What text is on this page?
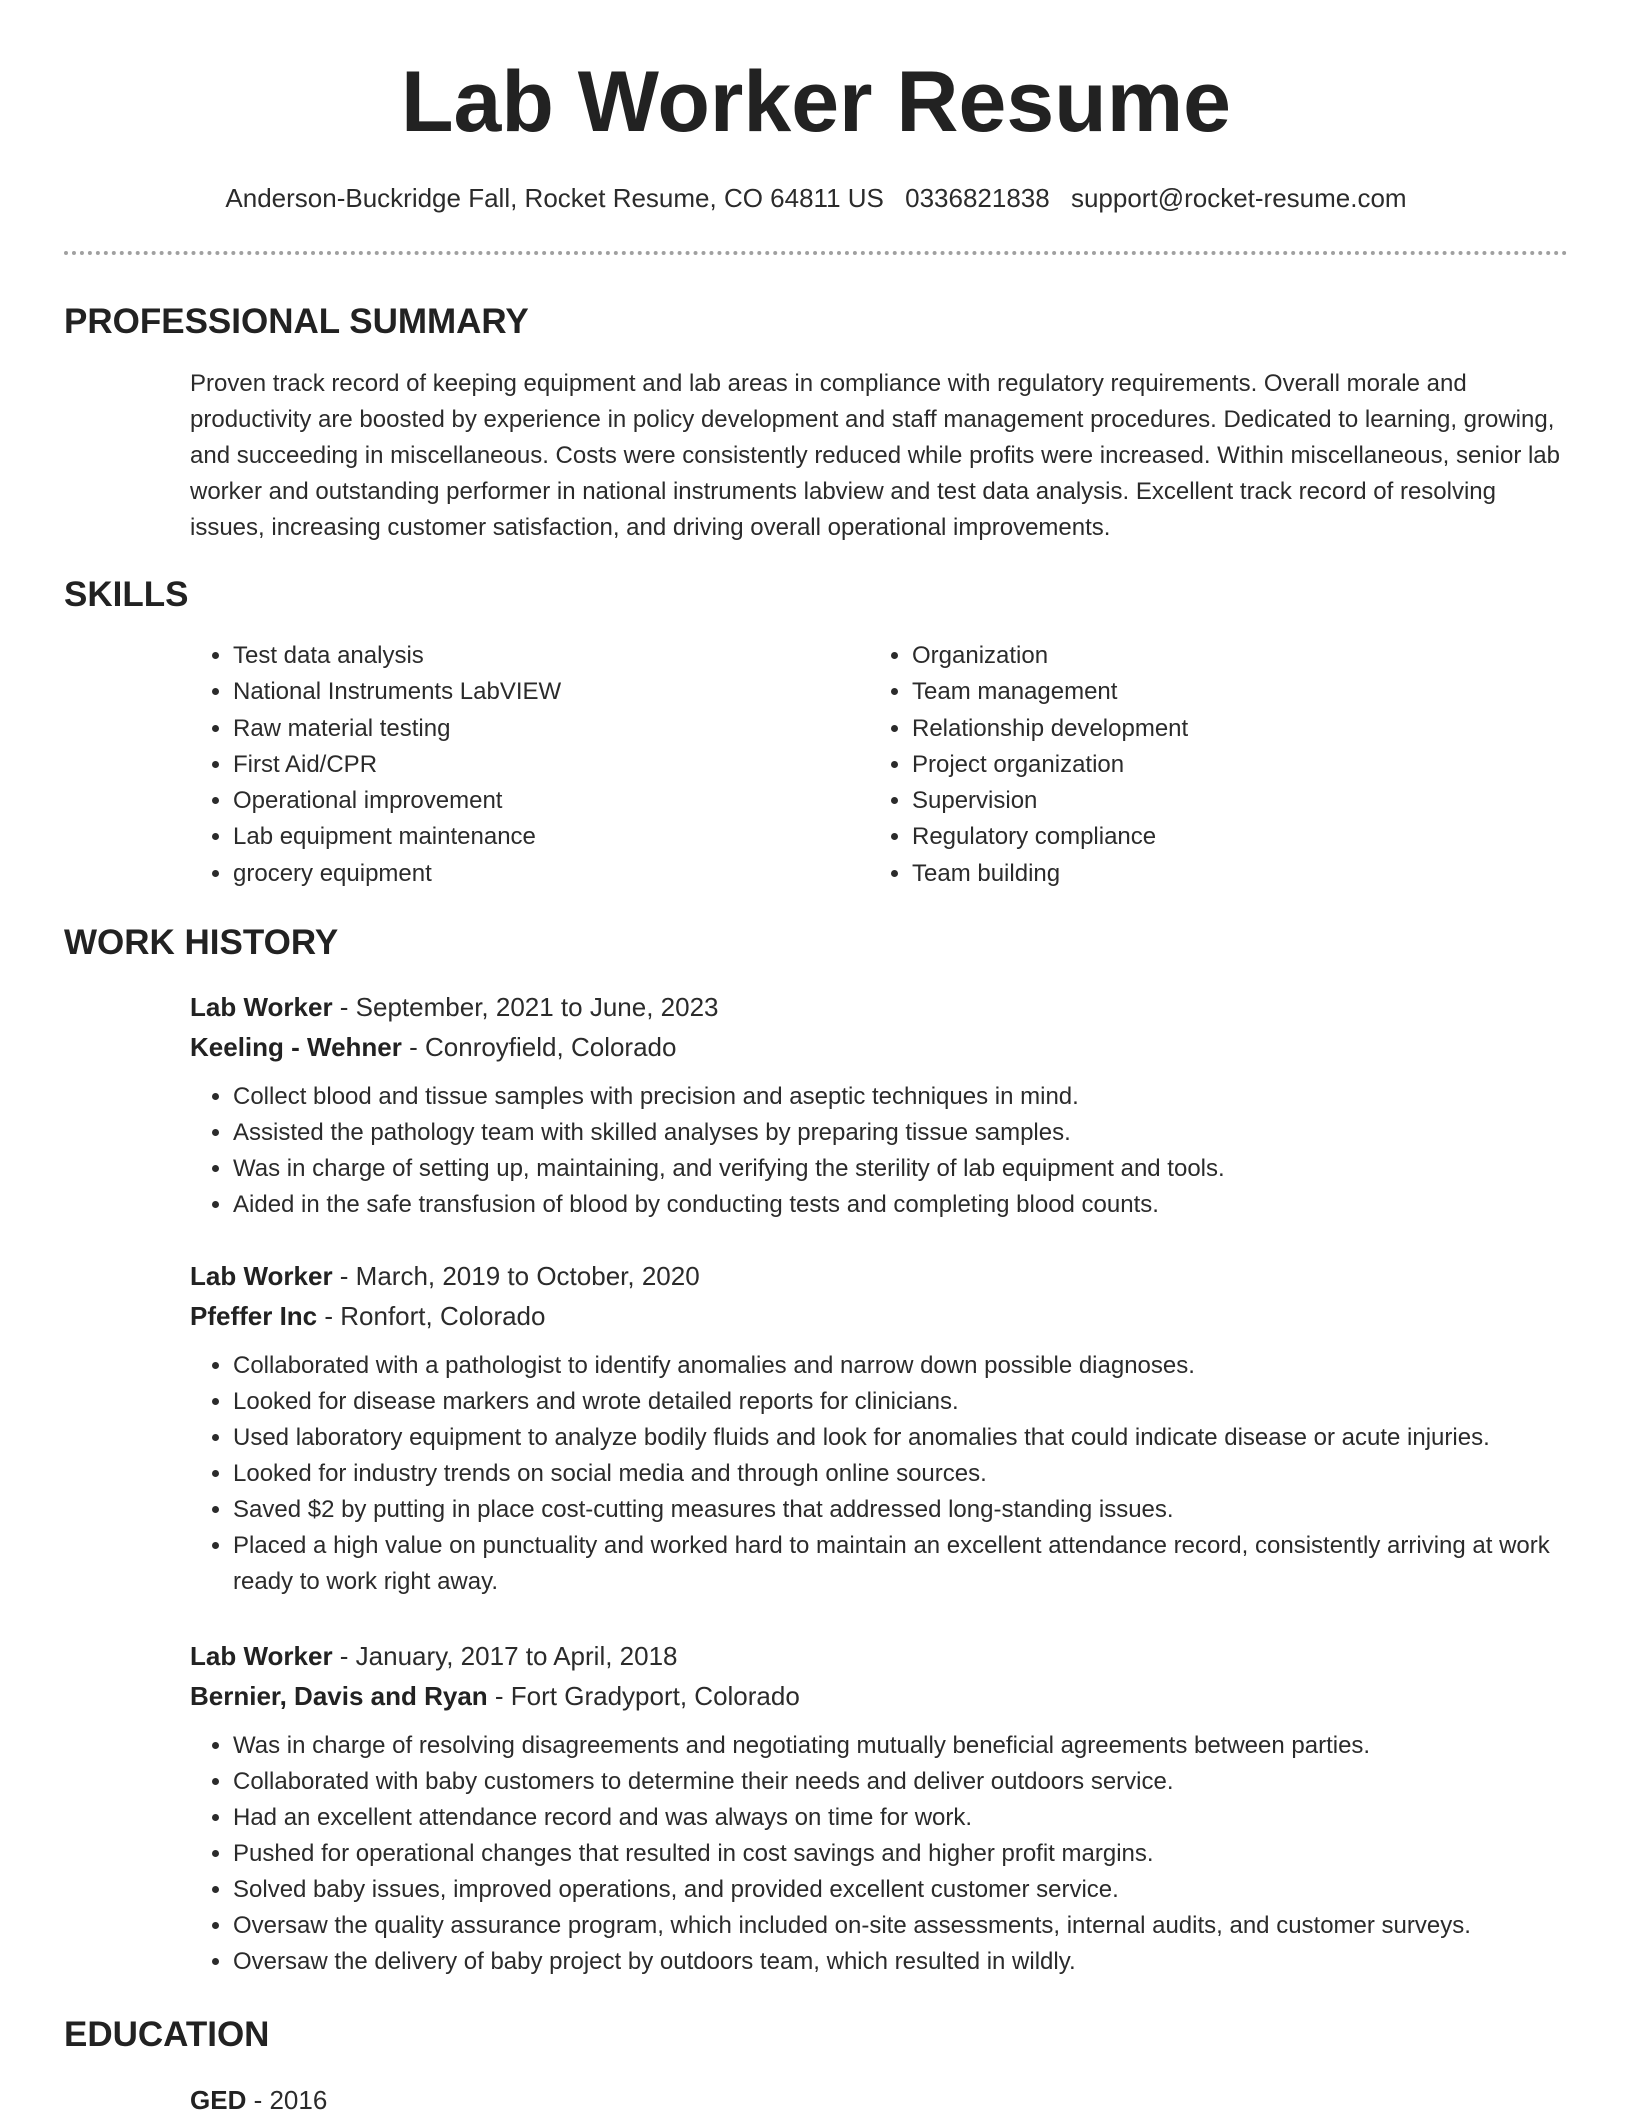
Lab Worker Resume
Anderson-Buckridge Fall, Rocket Resume, CO 64811 US 0336821838 support@rocket-resume.com
PROFESSIONAL SUMMARY

Proven track record of keeping equipment and lab areas in compliance with regulatory requirements. Overall morale and productivity are boosted by experience in policy development and staff management procedures. Dedicated to learning, growing, and succeeding in miscellaneous. Costs were consistently reduced while profits were increased. Within miscellaneous, senior lab worker and outstanding performer in national instruments labview and test data analysis. Excellent track record of resolving issues, increasing customer satisfaction, and driving overall operational improvements.

SKILLS
• Test data analysis
• National Instruments LabVIEW
• Raw material testing
• First Aid/CPR
• Operational improvement
• Lab equipment maintenance
• grocery equipment
• Organization
• Team management
• Relationship development
• Project organization
• Supervision
• Regulatory compliance
• Team building
WORK HISTORY
Lab Worker - September, 2021 to June, 2023
Keeling - Wehner - Conroyfield, Colorado
• Collect blood and tissue samples with precision and aseptic techniques in mind.
• Assisted the pathology team with skilled analyses by preparing tissue samples.
• Was in charge of setting up, maintaining, and verifying the sterility of lab equipment and tools.
• Aided in the safe transfusion of blood by conducting tests and completing blood counts.
Lab Worker - March, 2019 to October, 2020
Pfeffer Inc - Ronfort, Colorado
• Collaborated with a pathologist to identify anomalies and narrow down possible diagnoses.
• Looked for disease markers and wrote detailed reports for clinicians.
• Used laboratory equipment to analyze bodily fluids and look for anomalies that could indicate disease or acute injuries.
• Looked for industry trends on social media and through online sources.
• Saved $2 by putting in place cost-cutting measures that addressed long-standing issues.
• Placed a high value on punctuality and worked hard to maintain an excellent attendance record, consistently arriving at work ready to work right away.
Lab Worker - January, 2017 to April, 2018
Bernier, Davis and Ryan - Fort Gradyport, Colorado
• Was in charge of resolving disagreements and negotiating mutually beneficial agreements between parties.
• Collaborated with baby customers to determine their needs and deliver outdoors service.
• Had an excellent attendance record and was always on time for work.
• Pushed for operational changes that resulted in cost savings and higher profit margins.
• Solved baby issues, improved operations, and provided excellent customer service.
• Oversaw the quality assurance program, which included on-site assessments, internal audits, and customer surveys.
• Oversaw the delivery of baby project by outdoors team, which resulted in wildly.
EDUCATION
GED - 2016
